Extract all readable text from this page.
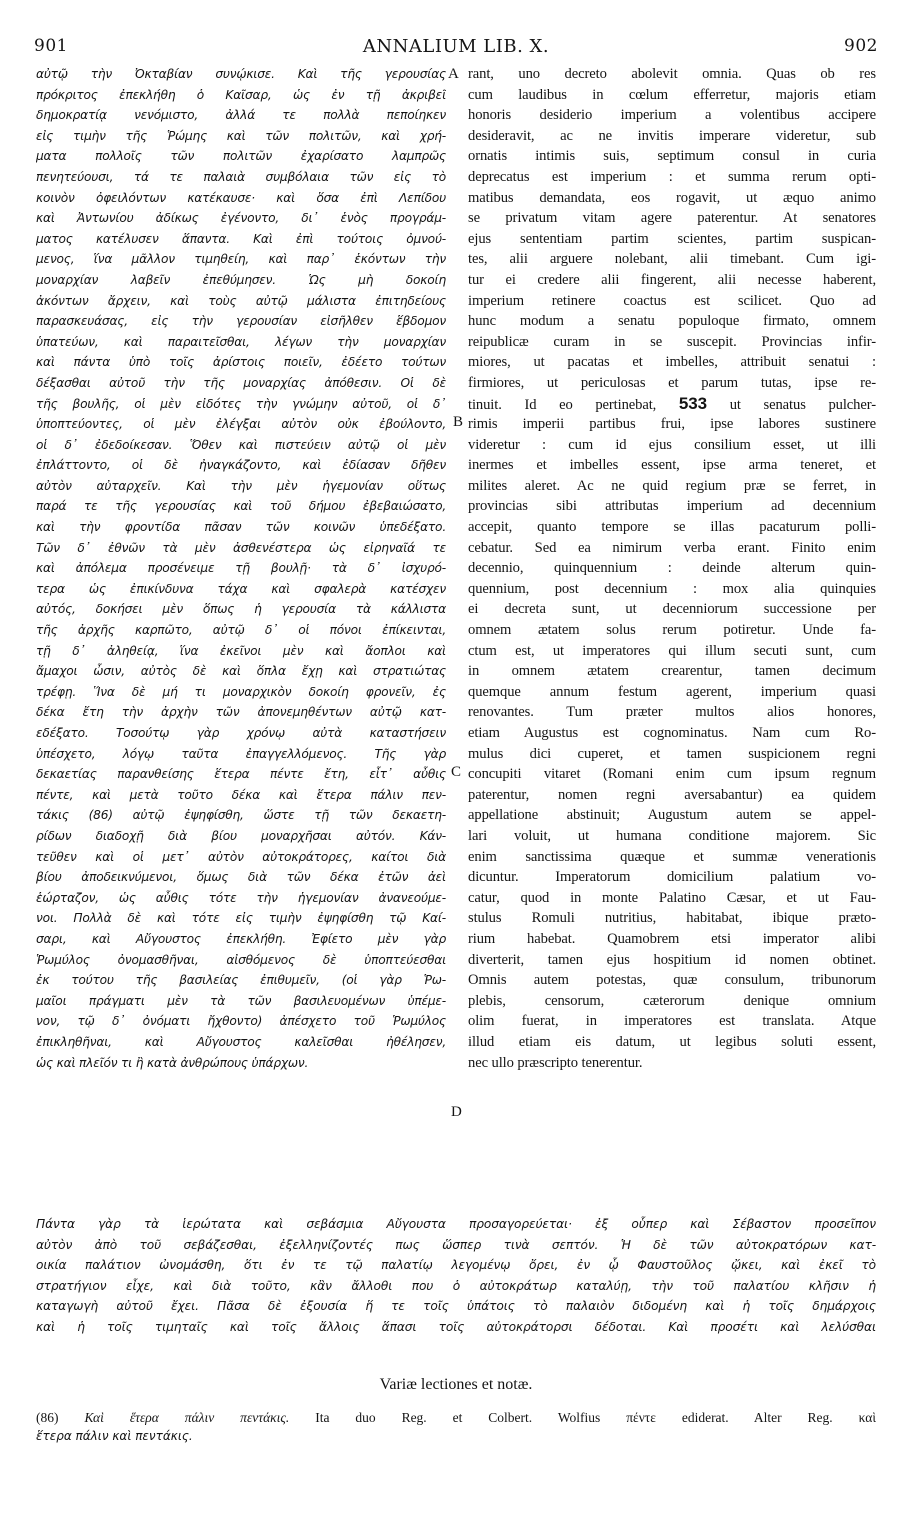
901	ANNALIUM LIB. X.	902
αὐτῷ τὴν Ὀκταβίαν συνῴκισε. Καὶ τῆς γερουσίας
πρόκριτος ἐπεκλήθη ὁ Καῖσαρ, ὡς ἐν τῇ ἀκριβεῖ
δημοκρατίᾳ νενόμιστο, ἀλλά τε πολλὰ πεποίηκεν
εἰς τιμὴν τῆς Ῥώμης καὶ τῶν πολιτῶν, καὶ χρή-
ματα πολλοῖς τῶν πολιτῶν ἐχαρίσατο λαμπρῶς
πενητεύουσι, τά τε παλαιὰ συμβόλαια τῶν εἰς τὸ
κοινὸν ὀφειλόντων κατέκαυσε· καὶ ὅσα ἐπὶ Λεπίδου
καὶ Ἀντωνίου ἀδίκως ἐγένοντο, δι᾽ ἑνὸς προγράμ-
ματος κατέλυσεν ἅπαντα. Καὶ ἐπὶ τούτοις ὀμνού-
μενος, ἵνα μᾶλλον τιμηθείη, καὶ παρ᾽ ἑκόντων τὴν
μοναρχίαν λαβεῖν ἐπεθύμησεν. Ὡς μὴ δοκοίη
ἀκόντων ἄρχειν, καὶ τοὺς αὐτῷ μάλιστα ἐπιτηδείους
παρασκευάσας, εἰς τὴν γερουσίαν εἰσῆλθεν ἕβδομον
ὑπατεύων, καὶ παραιτεῖσθαι, λέγων τὴν μοναρχίαν
καὶ πάντα ὑπὸ τοῖς ἀρίστοις ποιεῖν, ἐδέετο τούτων
δέξασθαι αὐτοῦ τὴν τῆς μοναρχίας ἀπόθεσιν. Οἱ δὲ
τῆς βουλῆς, οἱ μὲν εἰδότες τὴν γνώμην αὐτοῦ, οἱ δ᾽
ὑποπτεύοντες, οἱ μὲν ἐλέγξαι αὐτὸν οὐκ ἐβούλοντο,
οἱ δ᾽ ἐδεδοίκεσαν. Ὅθεν καὶ πιστεύειν αὐτῷ οἱ μὲν
ἐπλάττοντο, οἱ δὲ ἠναγκάζοντο, καὶ ἐδίασαν δῆθεν
αὐτὸν αὐταρχεῖν. Καὶ τὴν μὲν ἡγεμονίαν οὕτως
παρά τε τῆς γερουσίας καὶ τοῦ δήμου ἐβεβαιώσατο,
καὶ τὴν φροντίδα πᾶσαν τῶν κοινῶν ὑπεδέξατο.
Τῶν δ᾽ ἐθνῶν τὰ μὲν ἀσθενέστερα ὡς εἰρηναῖά τε
καὶ ἀπόλεμα προσένειμε τῇ βουλῇ· τὰ δ᾽ ἰσχυρό-
τερα ὡς ἐπικίνδυνα τάχα καὶ σφαλερὰ κατέσχεν
αὐτός, δοκήσει μὲν ὅπως ἡ γερουσία τὰ κάλλιστα
τῆς ἀρχῆς καρπῶτο, αὐτῷ δ᾽ οἱ πόνοι ἐπίκεινται,
τῇ δ᾽ ἀληθείᾳ, ἵνα ἐκεῖνοι μὲν καὶ ἄοπλοι καὶ
ἄμαχοι ὦσιν, αὐτὸς δὲ καὶ ὅπλα ἔχῃ καὶ στρατιώτας
τρέφῃ. Ἵνα δὲ μή τι μοναρχικὸν δοκοίη φρονεῖν, ἐς
δέκα ἔτη τὴν ἀρχὴν τῶν ἀπονεμηθέντων αὐτῷ κατ-
εδέξατο. Τοσούτῳ γὰρ χρόνῳ αὐτὰ καταστήσειν
ὑπέσχετο, λόγῳ ταῦτα ἐπαγγελλόμενος. Τῆς γὰρ
δεκαετίας παρανθείσης ἕτερα πέντε ἔτη, εἶτ᾽ αὖθις
πέντε, καὶ μετὰ τοῦτο δέκα καὶ ἕτερα πάλιν πεν-
τάκις (86) αὐτῷ ἐψηφίσθη, ὥστε τῇ τῶν δεκαετη-
ρίδων διαδοχῇ διὰ βίου μοναρχῆσαι αὐτόν. Κάν-
τεῦθεν καὶ οἱ μετ᾽ αὐτὸν αὐτοκράτορες, καίτοι διὰ
βίου ἀποδεικνύμενοι, ὅμως διὰ τῶν δέκα ἐτῶν ἀεὶ
ἑώρταζον, ὡς αὖθις τότε τὴν ἡγεμονίαν ἀνανεούμε-
νοι. Πολλὰ δὲ καὶ τότε εἰς τιμὴν ἐψηφίσθη τῷ Καί-
σαρι, καὶ Αὔγουστος ἐπεκλήθη. Ἐφίετο μὲν γὰρ
Ῥωμύλος ὀνομασθῆναι, αἰσθόμενος δὲ ὑποπτεύεσθαι
ἐκ τούτου τῆς βασιλείας ἐπιθυμεῖν, (οἱ γὰρ Ῥω-
μαῖοι πράγματι μὲν τὰ τῶν βασιλευομένων ὑπέμε-
νον, τῷ δ᾽ ὀνόματι ἤχθοντο) ἀπέσχετο τοῦ Ῥωμύλος
ἐπικληθῆναι, καὶ Αὔγουστος καλεῖσθαι ἠθέλησεν,
ὡς καὶ πλεῖόν τι ἢ κατὰ ἀνθρώπους ὑπάρχων.
rant, uno decreto abolevit omnia. Quas ob res
cum laudibus in cœlum efferretur, majoris etiam
honoris desiderio imperium a volentibus accipere
desideravit, ac ne invitis imperare videretur, sub
ornatis intimis suis, septimum consul in curia
deprecatus est imperium : et summa rerum opti-
matibus demandata, eos rogavit, ut æquo animo
se privatum vitam agere paterentur. At senatores
ejus sententiam partim scientes, partim suspican-
tes, alii arguere nolebant, alii timebant. Cum igi-
tur ei credere alii fingerent, alii necesse haberent,
imperium retinere coactus est scilicet. Quo ad
hunc modum a senatu populoque firmato, omnem
reipublicæ curam in se suscepit. Provincias infir-
miores, ut pacatas et imbelles, attribuit senatui :
firmiores, ut periculosas et parum tutas, ipse re-
tinuit. Id eo pertinebat, 533 ut senatus pulcher-
rimis imperii partibus frui, ipse labores sustinere
videretur : cum id ejus consilium esset, ut illi
inermes et imbelles essent, ipse arma teneret, et
milites aleret. Ac ne quid regium præ se ferret, in
provincias sibi attributas imperium ad decennium
accepit, quanto tempore se illas pacaturum polli-
cebatur. Sed ea nimirum verba erant. Finito enim
decennio, quinquennium : deinde alterum quin-
quennium, post decennium : mox alia quinquies
ei decreta sunt, ut decenniorum successione per
omnem ætatem solus rerum potiretur. Unde fa-
ctum est, ut imperatores qui illum secuti sunt, cum
in omnem ætatem crearentur, tamen decimum
quemque annum festum agerent, imperium quasi
renovantes. Tum præter multos alios honores,
etiam Augustus est cognominatus. Nam cum Ro-
mulus dici cuperet, et tamen suspicionem regni
concupiti vitaret (Romani enim cum ipsum regnum
paterentur, nomen regni aversabantur) ea quidem
appellatione abstinuit; Augustum autem se appel-
lari voluit, ut humana conditione majorem. Sic
enim sanctissima quæque et summæ venerationis
dicuntur. Imperatorum domicilium palatium vo-
catur, quod in monte Palatino Cæsar, et ut Fau-
stulus Romuli nutritius, habitabat, ibique præto-
rium habebat. Quamobrem etsi imperator alibi
diverterit, tamen ejus hospitium id nomen obtinet.
Omnis autem potestas, quæ consulum, tribunorum
plebis, censorum, cæterorum denique omnium
olim fuerat, in imperatores est translata. Atque
illud etiam eis datum, ut legibus soluti essent,
nec ullo præscripto tenerentur.
A
B
C
D
Πάντα γὰρ τὰ ἱερώτατα καὶ σεβάσμια Αὔγουστα προσαγορεύεται· ἐξ οὗπερ καὶ Σέβαστον προσεῖπον
αὐτὸν ἀπὸ τοῦ σεβάζεσθαι, ἐξελληνίζοντές πως ὥσπερ τινὰ σεπτόν. Ἡ δὲ τῶν αὐτοκρατόρων κατ-
οικία παλάτιον ὠνομάσθη, ὅτι ἐν τε τῷ παλατίῳ λεγομένῳ ὄρει, ἐν ᾧ Φαυστοῦλος ᾤκει, καὶ ἐκεῖ τὸ
στρατήγιον εἶχε, καὶ διὰ τοῦτο, κἂν ἄλλοθι που ὁ αὐτοκράτωρ καταλύῃ, τὴν τοῦ παλατίου κλῆσιν ἡ
καταγωγὴ αὐτοῦ ἔχει. Πᾶσα δὲ ἐξουσία ἥ τε τοῖς ὑπάτοις τὸ παλαιὸν διδομένη καὶ ἡ τοῖς δημάρχοις
καὶ ἡ τοῖς τιμηταῖς καὶ τοῖς ἄλλοις ἅπασι τοῖς αὐτοκράτορσι δέδοται. Καὶ προσέτι καὶ λελύσθαι
Variæ lectiones et notæ.
(86) Καὶ ἕτερα πάλιν πεντάκις. Ita duo Reg. et Colbert. Wolfius πέντε ediderat. Alter Reg. καὶ
ἕτερα πάλιν καὶ πεντάκις.
